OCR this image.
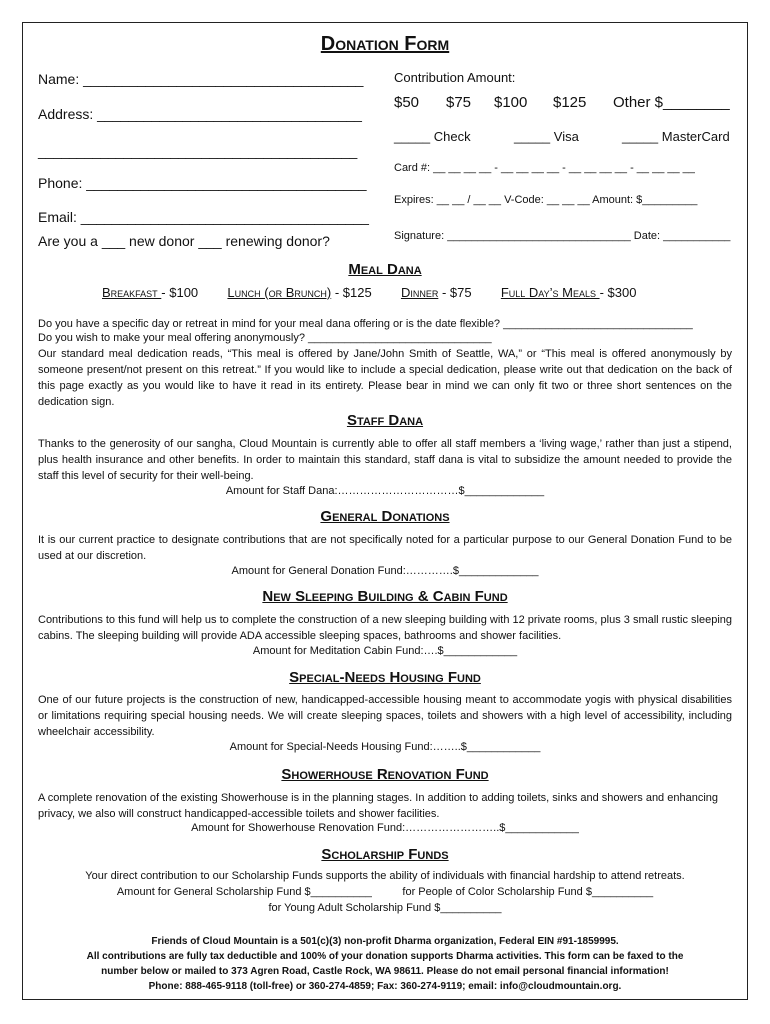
Donation Form
Name: ____________________________________
Address: __________________________________
_________________________________________
Phone: ____________________________________
Email: _____________________________________
Are you a ___ new donor ___ renewing donor?
Contribution Amount:
$50 $75 $100 $125 Other $________
_____ Check	_____ Visa	_____ MasterCard
Card #: __ __ __ __ - __ __ __ __ - __ __ __ __ - __ __ __ __
Expires: __ __ / __ __ V-Code: __ __ __ Amount: $_________
Signature: ______________________________ Date: ___________
Meal Dana
Breakfast - $100 Lunch (or Brunch) - $125 Dinner - $75 Full Day’s Meals - $300
Do you have a specific day or retreat in mind for your meal dana offering or is the date flexible? _______________________________
Do you wish to make your meal offering anonymously? ______________________________
Our standard meal dedication reads, “This meal is offered by Jane/John Smith of Seattle, WA,” or “This meal is offered anonymously by someone present/not present on this retreat.” If you would like to include a special dedication, please write out that dedication on the back of this page exactly as you would like to have it read in its entirety. Please bear in mind we can only fit two or three short sentences on the dedication sign.
Staff Dana
Thanks to the generosity of our sangha, Cloud Mountain is currently able to offer all staff members a ‘living wage,’ rather than just a stipend, plus health insurance and other benefits. In order to maintain this standard, staff dana is vital to subsidize the amount needed to provide the staff this level of security for their well-being.
Amount for Staff Dana:……………………………$_____________
General Donations
It is our current practice to designate contributions that are not specifically noted for a particular purpose to our General Donation Fund to be used at our discretion.
Amount for General Donation Fund:………….$_____________
New Sleeping Building & Cabin Fund
Contributions to this fund will help us to complete the construction of a new sleeping building with 12 private rooms, plus 3 small rustic sleeping cabins. The sleeping building will provide ADA accessible sleeping spaces, bathrooms and shower facilities.
Amount for Meditation Cabin Fund:….$____________
Special-Needs Housing Fund
One of our future projects is the construction of new, handicapped-accessible housing meant to accommodate yogis with physical disabilities or limitations requiring special housing needs. We will create sleeping spaces, toilets and showers with a high level of accessibility, including wheelchair accessibility.
Amount for Special-Needs Housing Fund:……..$____________
Showerhouse Renovation Fund
A complete renovation of the existing Showerhouse is in the planning stages. In addition to adding toilets, sinks and showers and enhancing privacy, we also will construct handicapped-accessible toilets and shower facilities.
Amount for Showerhouse Renovation Fund:……………………..$____________
Scholarship Funds
Your direct contribution to our Scholarship Funds supports the ability of individuals with financial hardship to attend retreats.
Amount for General Scholarship Fund $__________          for People of Color Scholarship Fund $__________
for Young Adult Scholarship Fund $__________
Friends of Cloud Mountain is a 501(c)(3) non-profit Dharma organization, Federal EIN #91-1859995.
All contributions are fully tax deductible and 100% of your donation supports Dharma activities. This form can be faxed to the
number below or mailed to 373 Agren Road, Castle Rock, WA 98611. Please do not email personal financial information!
Phone: 888-465-9118 (toll-free) or 360-274-4859; Fax: 360-274-9119; email: info@cloudmountain.org.
